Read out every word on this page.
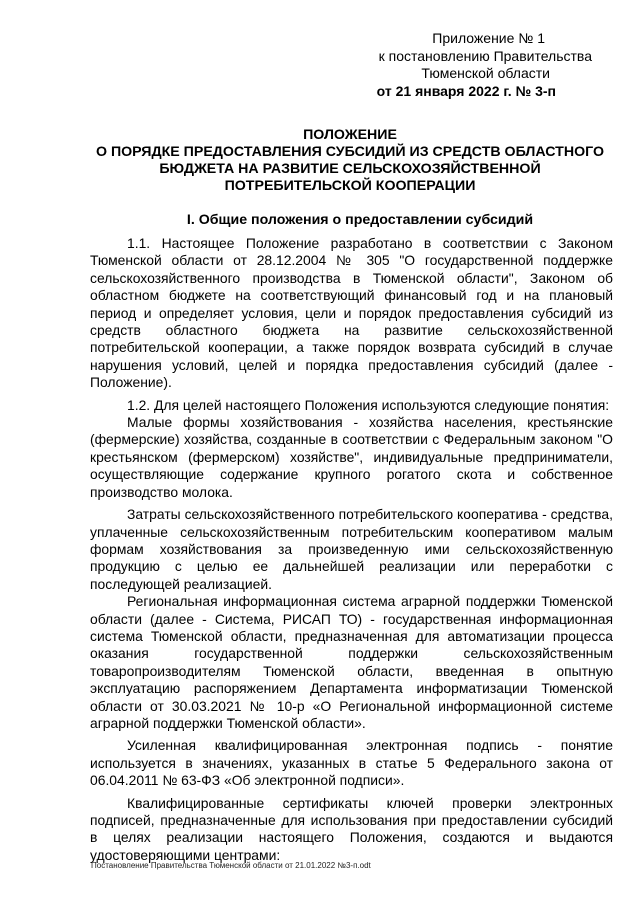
Приложение № 1
к постановлению Правительства
Тюменской области
от 21 января 2022 г. № 3-п
ПОЛОЖЕНИЕ
О ПОРЯДКЕ ПРЕДОСТАВЛЕНИЯ СУБСИДИЙ ИЗ СРЕДСТВ ОБЛАСТНОГО
БЮДЖЕТА НА РАЗВИТИЕ СЕЛЬСКОХОЗЯЙСТВЕННОЙ
ПОТРЕБИТЕЛЬСКОЙ КООПЕРАЦИИ
I. Общие положения о предоставлении субсидий

1.1. Настоящее Положение разработано в соответствии с Законом Тюменской области от 28.12.2004 № 305 "О государственной поддержке сельскохозяйственного производства в Тюменской области", Законом об областном бюджете на соответствующий финансовый год и на плановый период и определяет условия, цели и порядок предоставления субсидий из средств областного бюджета на развитие сельскохозяйственной потребительской кооперации, а также порядок возврата субсидий в случае нарушения условий, целей и порядка предоставления субсидий (далее - Положение).

1.2. Для целей настоящего Положения используются следующие понятия:

Малые формы хозяйствования - хозяйства населения, крестьянские (фермерские) хозяйства, созданные в соответствии с Федеральным законом "О крестьянском (фермерском) хозяйстве", индивидуальные предприниматели, осуществляющие содержание крупного рогатого скота и собственное производство молока.

Затраты сельскохозяйственного потребительского кооператива - средства, уплаченные сельскохозяйственным потребительским кооперативом малым формам хозяйствования за произведенную ими сельскохозяйственную продукцию с целью ее дальнейшей реализации или переработки с последующей реализацией.

Региональная информационная система аграрной поддержки Тюменской области (далее - Система, РИСАП ТО) - государственная информационная система Тюменской области, предназначенная для автоматизации процесса оказания государственной поддержки сельскохозяйственным товаропроизводителям Тюменской области, введенная в опытную эксплуатацию распоряжением Департамента информатизации Тюменской области от 30.03.2021 № 10-р «О Региональной информационной системе аграрной поддержки Тюменской области».

Усиленная квалифицированная электронная подпись - понятие используется в значениях, указанных в статье 5 Федерального закона от 06.04.2011 № 63-ФЗ «Об электронной подписи».

Квалифицированные сертификаты ключей проверки электронных подписей, предназначенные для использования при предоставлении субсидий в целях реализации настоящего Положения, создаются и выдаются удостоверяющими центрами:

Постановление Правительства Тюменской области от 21.01.2022 №3-п.odt
